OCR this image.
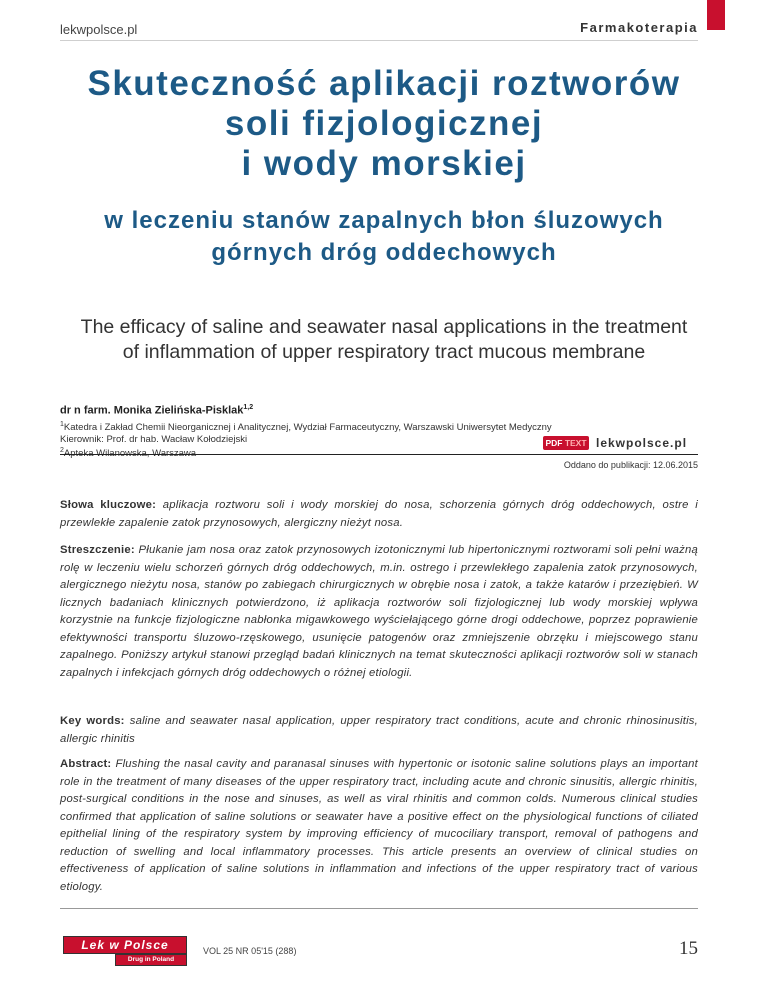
lekwpolsce.pl	Farmakoterapia
Skuteczność aplikacji roztworów
soli fizjologicznej
i wody morskiej
w leczeniu stanów zapalnych błon śluzowych
górnych dróg oddechowych

The efficacy of saline and seawater nasal applications in the treatment
of inflammation of upper respiratory tract mucous membrane

dr n farm. Monika Zielińska-Pisklak$^{1,2}$
$^1$Katedra i Zakład Chemii Nieorganicznej i Analitycznej, Wydział Farmaceutyczny, Warszawski Uniwersytet Medyczny
Kierownik: Prof. dr hab. Wacław Kołodziejski
$^2$Apteka Wilanowska, Warszawa
PDF TEXT lekwpolsce.pl
Oddano do publikacji: 12.06.2015

Słowa kluczowe: aplikacja roztworu soli i wody morskiej do nosa, schorzenia górnych dróg oddechowych, ostre i przewlekłe zapalenie zatok przynosowych, alergiczny nieżyt nosa.

Streszczenie: Płukanie jam nosa oraz zatok przynosowych izotonicznymi lub hipertonicznymi roztworami soli pełni ważną rolę w leczeniu wielu schorzeń górnych dróg oddechowych, m.in. ostrego i przewlekłego zapalenia zatok przynosowych, alergicznego nieżytu nosa, stanów po zabiegach chirurgicznych w obrębie nosa i zatok, a także katarów i przeziębień. W licznych badaniach klinicznych potwierdzono, iż aplikacja roztworów soli fizjologicznej lub wody morskiej wpływa korzystnie na funkcje fizjologiczne nabłonka migawkowego wyściełającego górne drogi oddechowe, poprzez poprawienie efektywności transportu śluzowo-rzęskowego, usunięcie patogenów oraz zmniejszenie obrzęku i miejscowego stanu zapalnego. Poniższy artykuł stanowi przegląd badań klinicznych na temat skuteczności aplikacji roztworów soli w stanach zapalnych i infekcjach górnych dróg oddechowych o różnej etiologii.

Key words: saline and seawater nasal application, upper respiratory tract conditions, acute and chronic rhinosinusitis, allergic rhinitis

Abstract: Flushing the nasal cavity and paranasal sinuses with hypertonic or isotonic saline solutions plays an important role in the treatment of many diseases of the upper respiratory tract, including acute and chronic sinusitis, allergic rhinitis, post-surgical conditions in the nose and sinuses, as well as viral rhinitis and common colds. Numerous clinical studies confirmed that application of saline solutions or seawater have a positive effect on the physiological functions of ciliated epithelial lining of the respiratory system by improving efficiency of mucociliary transport, removal of pathogens and reduction of swelling and local inflammatory processes. This article presents an overview of clinical studies on effectiveness of application of saline solutions in inflammation and infections of the upper respiratory tract of various etiology.

Lek w Polsce
Drug in Poland
VOL 25 NR 05'15 (288)	15
